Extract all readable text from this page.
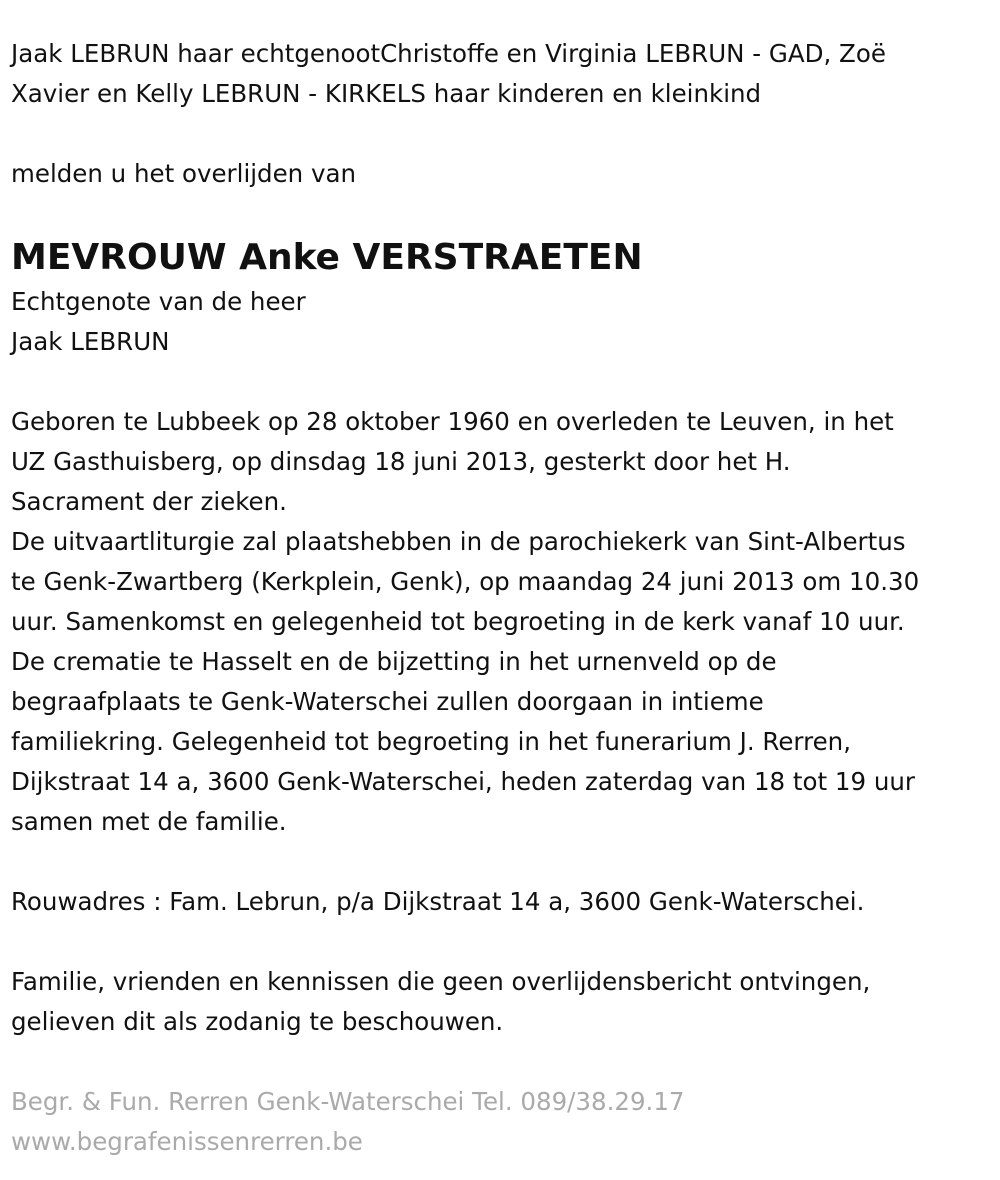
Jaak LEBRUN haar echtgenootChristoffe en Virginia LEBRUN - GAD, Zoë
Xavier en Kelly LEBRUN - KIRKELS haar kinderen en kleinkind

melden u het overlijden van

MEVROUW Anke VERSTRAETEN

Echtgenote van de heer

Jaak LEBRUN

Geboren te Lubbeek op 28 oktober 1960 en overleden te Leuven, in het
UZ Gasthuisberg, op dinsdag 18 juni 2013, gesterkt door het H.
Sacrament der zieken.
De uitvaartliturgie zal plaatshebben in de parochiekerk van Sint-Albertus
te Genk-Zwartberg (Kerkplein, Genk), op maandag 24 juni 2013 om 10.30
uur. Samenkomst en gelegenheid tot begroeting in de kerk vanaf 10 uur.
De crematie te Hasselt en de bijzetting in het urnenveld op de
begraafplaats te Genk-Waterschei zullen doorgaan in intieme
familiekring. Gelegenheid tot begroeting in het funerarium J. Rerren,
Dijkstraat 14 a, 3600 Genk-Waterschei, heden zaterdag van 18 tot 19 uur
samen met de familie.

Rouwadres : Fam. Lebrun, p/a Dijkstraat 14 a, 3600 Genk-Waterschei.

Familie, vrienden en kennissen die geen overlijdensbericht ontvingen,
gelieven dit als zodanig te beschouwen.

Begr. & Fun. Rerren Genk-Waterschei Tel. 089/38.29.17

www.begrafenissenrerren.be
